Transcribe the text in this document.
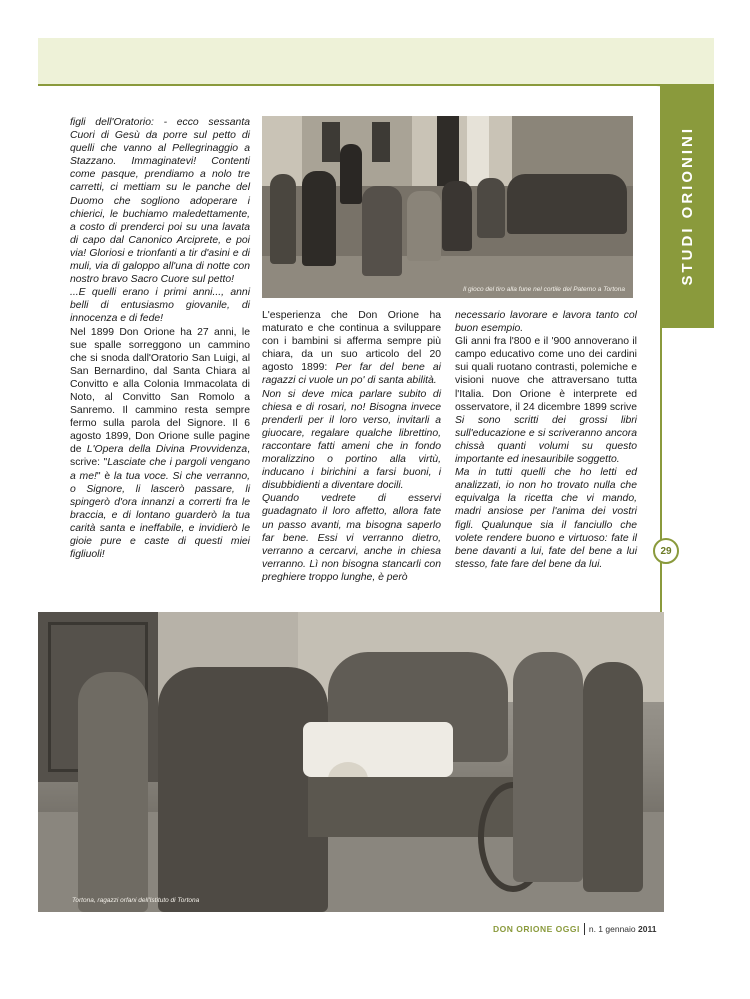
STUDI ORIONINI
29

figli dell'Oratorio: - ecco sessanta Cuori di Gesù da porre sul petto di quelli che vanno al Pellegrinaggio a Stazzano. Immaginatevi! Contenti come pasque, prendiamo a nolo tre carretti, ci mettiam su le panche del Duomo che sogliono adoperare i chierici, le buchiamo maledettamente, a costo di prenderci poi su una lavata di capo dal Canonico Arciprete, e poi via! Gloriosi e trionfanti a tir d'asini e di muli, via di galoppo all'una di notte con nostro bravo Sacro Cuore sul petto!

...E quelli erano i primi anni..., anni belli di entusiasmo giovanile, di innocenza e di fede!

Nel 1899 Don Orione ha 27 anni, le sue spalle sorreggono un cammino che si snoda dall'Oratorio San Luigi, al San Bernardino, dal Santa Chiara al Convitto e alla Colonia Immacolata di Noto, al Convitto San Romolo a Sanremo. Il cammino resta sempre fermo sulla parola del Signore. Il 6 agosto 1899, Don Orione sulle pagine de L'Opera della Divina Provvidenza, scrive: "Lasciate che i pargoli vengano a me!" è la tua voce. Si che verranno, o Signore, li lascerò passare, li spingerò d'ora innanzi a correrti fra le braccia, e di lontano guarderò la tua carità santa e ineffabile, e invidierò le gioie pure e caste di questi miei figliuoli!

Il gioco del tiro alla fune nel cortile del Paterno a Tortona

L'esperienza che Don Orione ha maturato e che continua a sviluppare con i bambini si afferma sempre più chiara, da un suo articolo del 20 agosto 1899: Per far del bene ai ragazzi ci vuole un po' di santa abilità.

Non si deve mica parlare subito di chiesa e di rosari, no! Bisogna invece prenderli per il loro verso, invitarli a giuocare, regalare qualche librettino, raccontare fatti ameni che in fondo moralizzino o portino alla virtù, inducano i birichini a farsi buoni, i disubbidienti a diventare docili.

Quando vedrete di esservi guadagnato il loro affetto, allora fate un passo avanti, ma bisogna saperlo far bene. Essi vi verranno dietro, verranno a cercarvi, anche in chiesa verranno. Lì non bisogna stancarli con preghiere troppo lunghe, è però

necessario lavorare e lavora tanto col buon esempio.

Gli anni fra l'800 e il '900 annoverano il campo educativo come uno dei cardini sui quali ruotano contrasti, polemiche e visioni nuove che attraversano tutta l'Italia. Don Orione è interprete ed osservatore, il 24 dicembre 1899 scrive Si sono scritti dei grossi libri sull'educazione e si scriveranno ancora chissà quanti volumi su questo importante ed inesauribile soggetto.

Ma in tutti quelli che ho letti ed analizzati, io non ho trovato nulla che equivalga la ricetta che vi mando, madri ansiose per l'anima dei vostri figli. Qualunque sia il fanciullo che volete rendere buono e virtuoso: fate il bene davanti a lui, fate del bene a lui stesso, fate fare del bene da lui.

Tortona, ragazzi orfani dell'Istituto di Tortona
DON ORIONE OGGI n. 1 gennaio 2011
